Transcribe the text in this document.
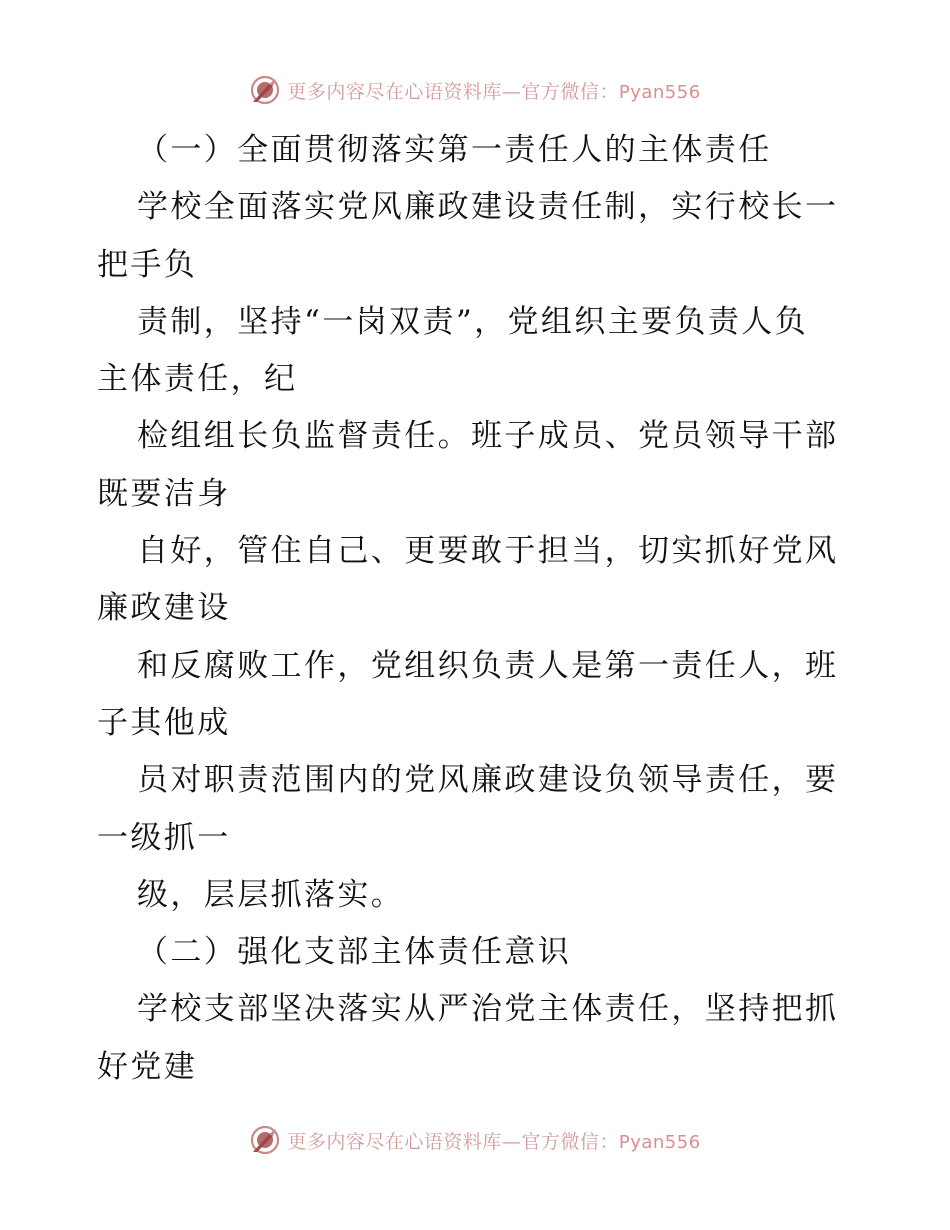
更多内容尽在心语资料库—官方微信：Pyan556
（一）全面贯彻落实第一责任人的主体责任
学校全面落实党风廉政建设责任制，实行校长一
把手负
责制，坚持“一岗双责”，党组织主要负责人负
主体责任，纪
检组组长负监督责任。班子成员、党员领导干部
既要洁身
自好，管住自己、更要敢于担当，切实抓好党风
廉政建设
和反腐败工作，党组织负责人是第一责任人，班
子其他成
员对职责范围内的党风廉政建设负领导责任，要
一级抓一
级，层层抓落实。
（二）强化支部主体责任意识
学校支部坚决落实从严治党主体责任，坚持把抓
好党建
更多内容尽在心语资料库—官方微信：Pyan556
